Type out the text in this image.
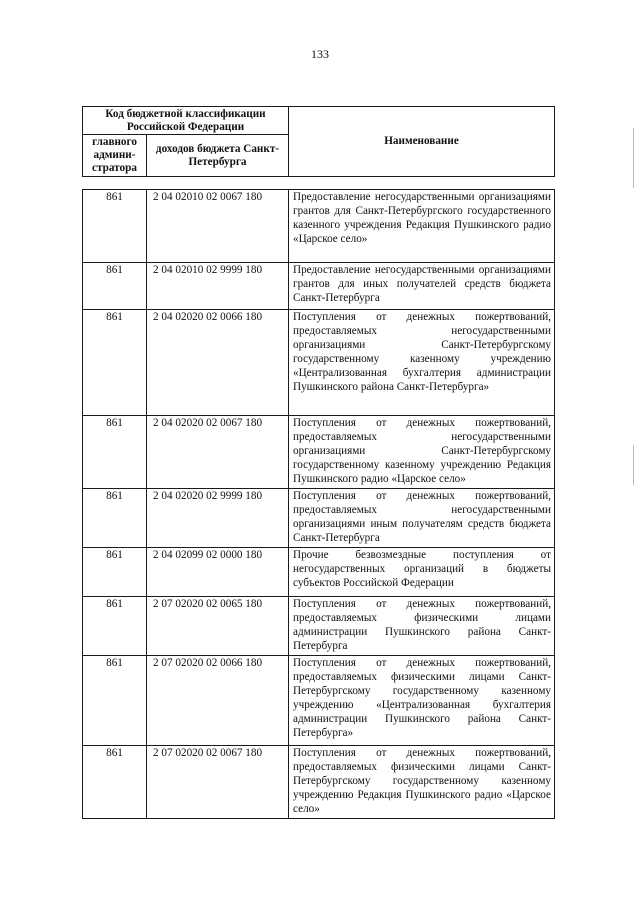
133
Код бюджетной классификации Российской Федерации		Наименование
главного админи-стратора	доходов бюджета Санкт-Петербурга	
861	2 04 02010 02 0067 180	Предоставление негосударственными организациями грантов для Санкт-Петербургского государственного казенного учреждения Редакция Пушкинского радио «Царское село»
861	2 04 02010 02 9999 180	Предоставление негосударственными организациями грантов для иных получателей средств бюджета Санкт-Петербурга
861	2 04 02020 02 0066 180	Поступления от денежных пожертвований, предоставляемых негосударственными организациями Санкт-Петербургскому государственному казенному учреждению «Централизованная бухгалтерия администрации Пушкинского района Санкт-Петербурга»
861	2 04 02020 02 0067 180	Поступления от денежных пожертвований, предоставляемых негосударственными организациями Санкт-Петербургскому государственному казенному учреждению Редакция Пушкинского радио «Царское село»
861	2 04 02020 02 9999 180	Поступления от денежных пожертвований, предоставляемых негосударственными организациями иным получателям средств бюджета Санкт-Петербурга
861	2 04 02099 02 0000 180	Прочие безвозмездные поступления от негосударственных организаций в бюджеты субъектов Российской Федерации
861	2 07 02020 02 0065 180	Поступления от денежных пожертвований, предоставляемых физическими лицами администрации Пушкинского района Санкт-Петербурга
861	2 07 02020 02 0066 180	Поступления от денежных пожертвований, предоставляемых физическими лицами Санкт-Петербургскому государственному казенному учреждению «Централизованная бухгалтерия администрации Пушкинского района Санкт-Петербурга»
861	2 07 02020 02 0067 180	Поступления от денежных пожертвований, предоставляемых физическими лицами Санкт-Петербургскому государственному казенному учреждению Редакция Пушкинского радио «Царское село»
